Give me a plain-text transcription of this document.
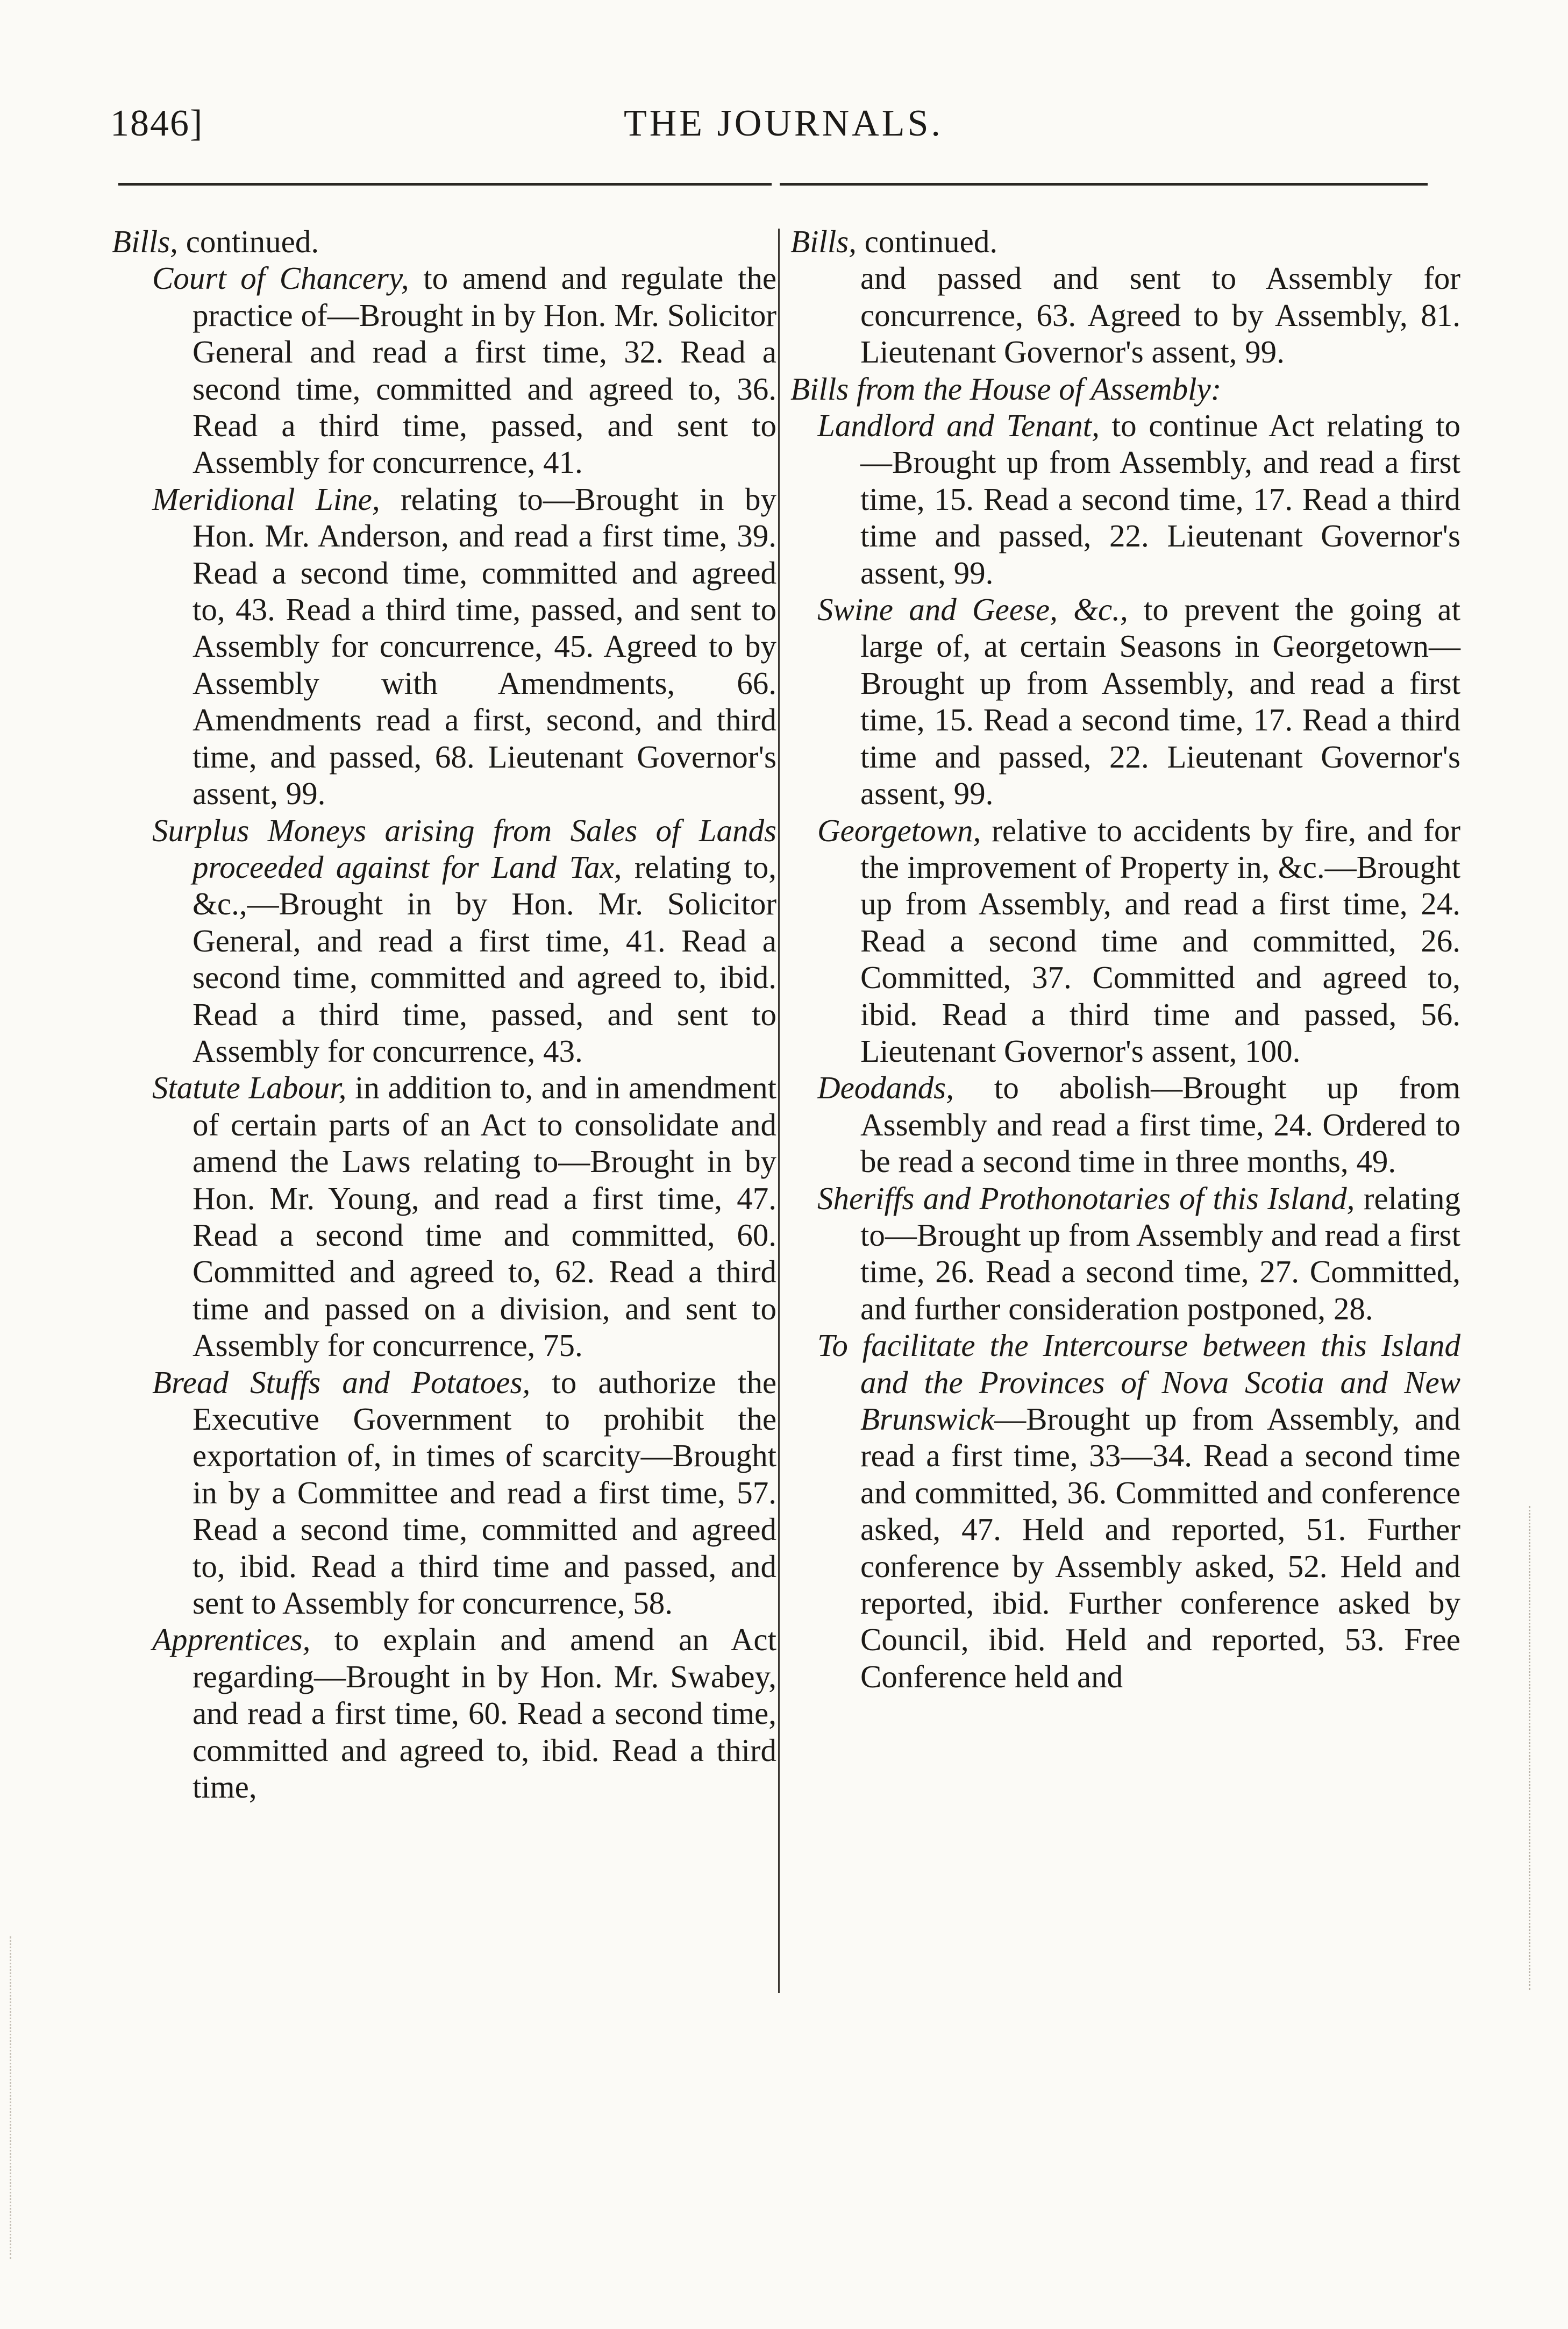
1846]	THE JOURNALS.
Bills, continued.

Court of Chancery, to amend and regulate the practice of—Brought in by Hon. Mr. Solicitor General and read a first time, 32. Read a second time, committed and agreed to, 36. Read a third time, passed, and sent to Assembly for concurrence, 41.

Meridional Line, relating to—Brought in by Hon. Mr. Anderson, and read a first time, 39. Read a second time, committed and agreed to, 43. Read a third time, passed, and sent to Assembly for concurrence, 45. Agreed to by Assembly with Amendments, 66. Amendments read a first, second, and third time, and passed, 68. Lieutenant Governor's assent, 99.

Surplus Moneys arising from Sales of Lands proceeded against for Land Tax, relating to, &c.,—Brought in by Hon. Mr. Solicitor General, and read a first time, 41. Read a second time, committed and agreed to, ibid. Read a third time, passed, and sent to Assembly for concurrence, 43.

Statute Labour, in addition to, and in amendment of certain parts of an Act to consolidate and amend the Laws relating to—Brought in by Hon. Mr. Young, and read a first time, 47. Read a second time and committed, 60. Committed and agreed to, 62. Read a third time and passed on a division, and sent to Assembly for concurrence, 75.

Bread Stuffs and Potatoes, to authorize the Executive Government to prohibit the exportation of, in times of scarcity—Brought in by a Committee and read a first time, 57. Read a second time, committed and agreed to, ibid. Read a third time and passed, and sent to Assembly for concurrence, 58.

Apprentices, to explain and amend an Act regarding—Brought in by Hon. Mr. Swabey, and read a first time, 60. Read a second time, committed and agreed to, ibid. Read a third time,

Bills, continued.

and passed and sent to Assembly for concurrence, 63. Agreed to by Assembly, 81. Lieutenant Governor's assent, 99.

Bills from the House of Assembly:

Landlord and Tenant, to continue Act relating to—Brought up from Assembly, and read a first time, 15. Read a second time, 17. Read a third time and passed, 22. Lieutenant Governor's assent, 99.

Swine and Geese, &c., to prevent the going at large of, at certain Seasons in Georgetown—Brought up from Assembly, and read a first time, 15. Read a second time, 17. Read a third time and passed, 22. Lieutenant Governor's assent, 99.

Georgetown, relative to accidents by fire, and for the improvement of Property in, &c.—Brought up from Assembly, and read a first time, 24. Read a second time and committed, 26. Committed, 37. Committed and agreed to, ibid. Read a third time and passed, 56. Lieutenant Governor's assent, 100.

Deodands, to abolish—Brought up from Assembly and read a first time, 24. Ordered to be read a second time in three months, 49.

Sheriffs and Prothonotaries of this Island, relating to—Brought up from Assembly and read a first time, 26. Read a second time, 27. Committed, and further consideration postponed, 28.

To facilitate the Intercourse between this Island and the Provinces of Nova Scotia and New Brunswick—Brought up from Assembly, and read a first time, 33—34. Read a second time and committed, 36. Committed and conference asked, 47. Held and reported, 51. Further conference by Assembly asked, 52. Held and reported, ibid. Further conference asked by Council, ibid. Held and reported, 53. Free Conference held and
